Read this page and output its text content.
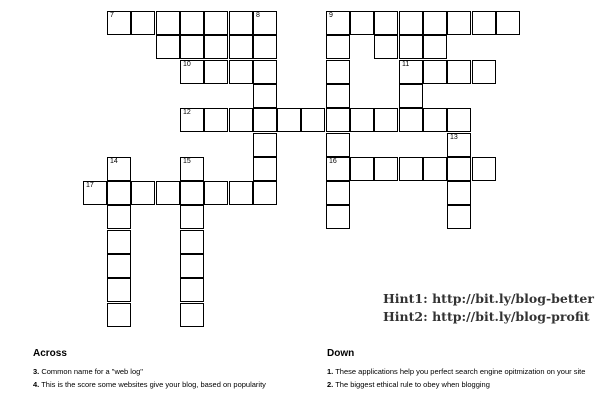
7	8	9
10	11
12
13
14	15	16
17
Hint1: http://bit.ly/blog-better
Hint2: http://bit.ly/blog-profit
Across
3. Common name for a "web log"
4. This is the score some websites give your blog, based on popularity
Down
1. These applications help you perfect search engine opitmization on your site
2. The biggest ethical rule to obey when blogging
